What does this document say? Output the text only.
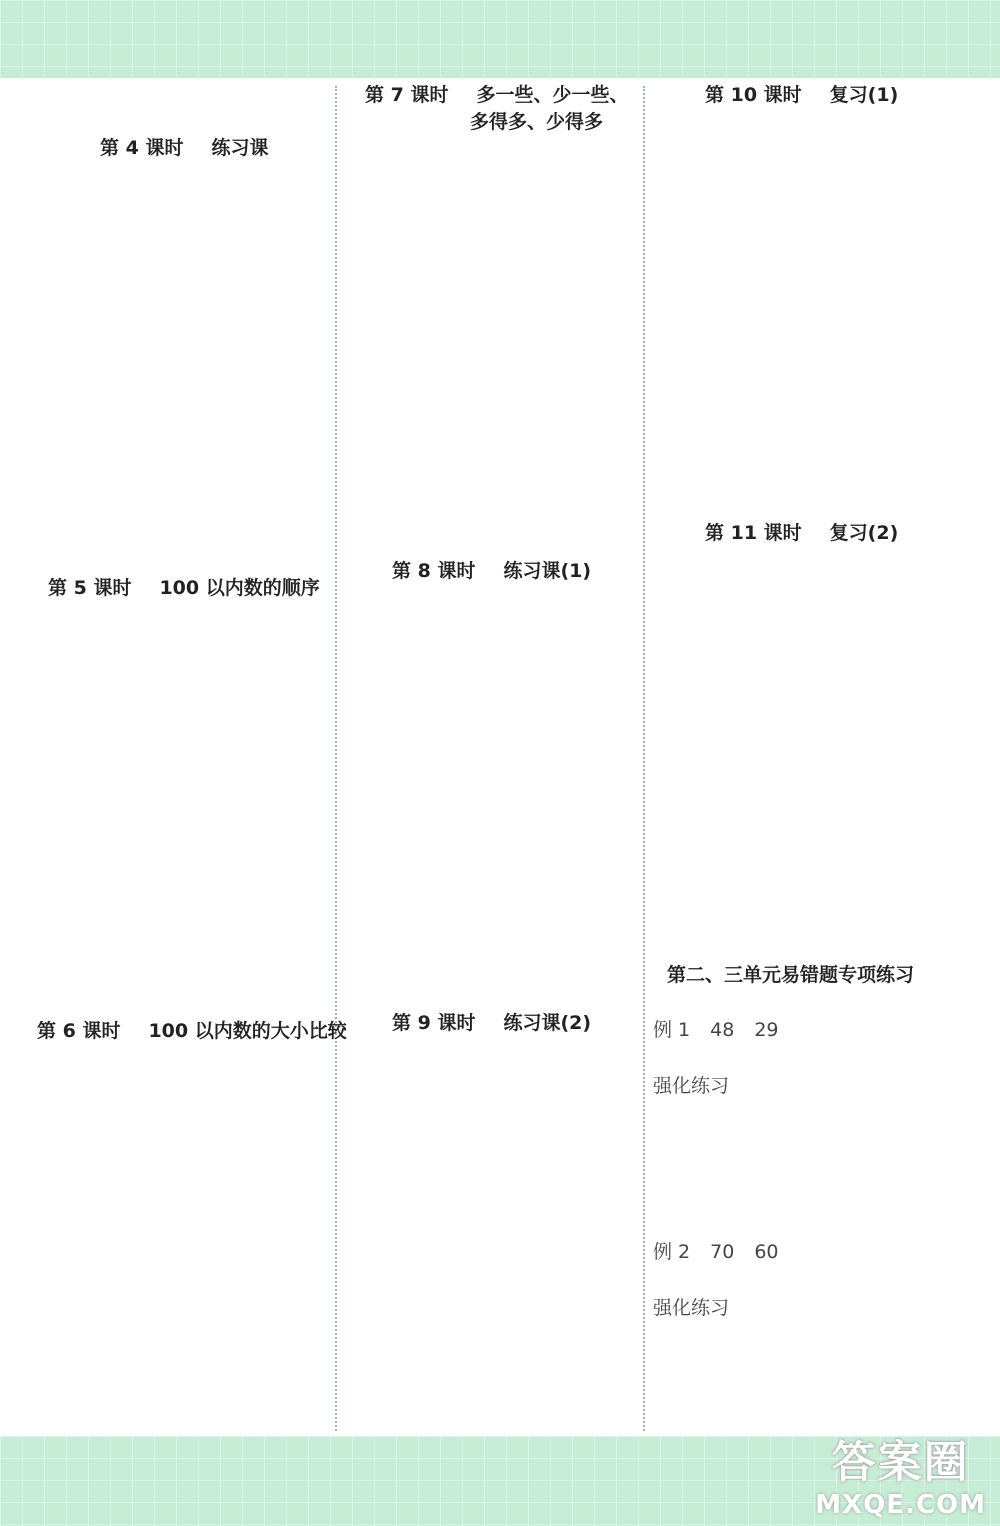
答案圈
MXQE.COM
第 4 课时 练习课
第 5 课时 100 以内数的顺序
第 6 课时 100 以内数的大小比较
第 7 课时 多一些、少一些、
多得多、少得多
第 8 课时 练习课(1)
第 9 课时 练习课(2)
第 10 课时 复习(1)
第 11 课时 复习(2)
第二、三单元易错题专项练习
例 1 48 29
强化练习
例 2 70 60
强化练习
